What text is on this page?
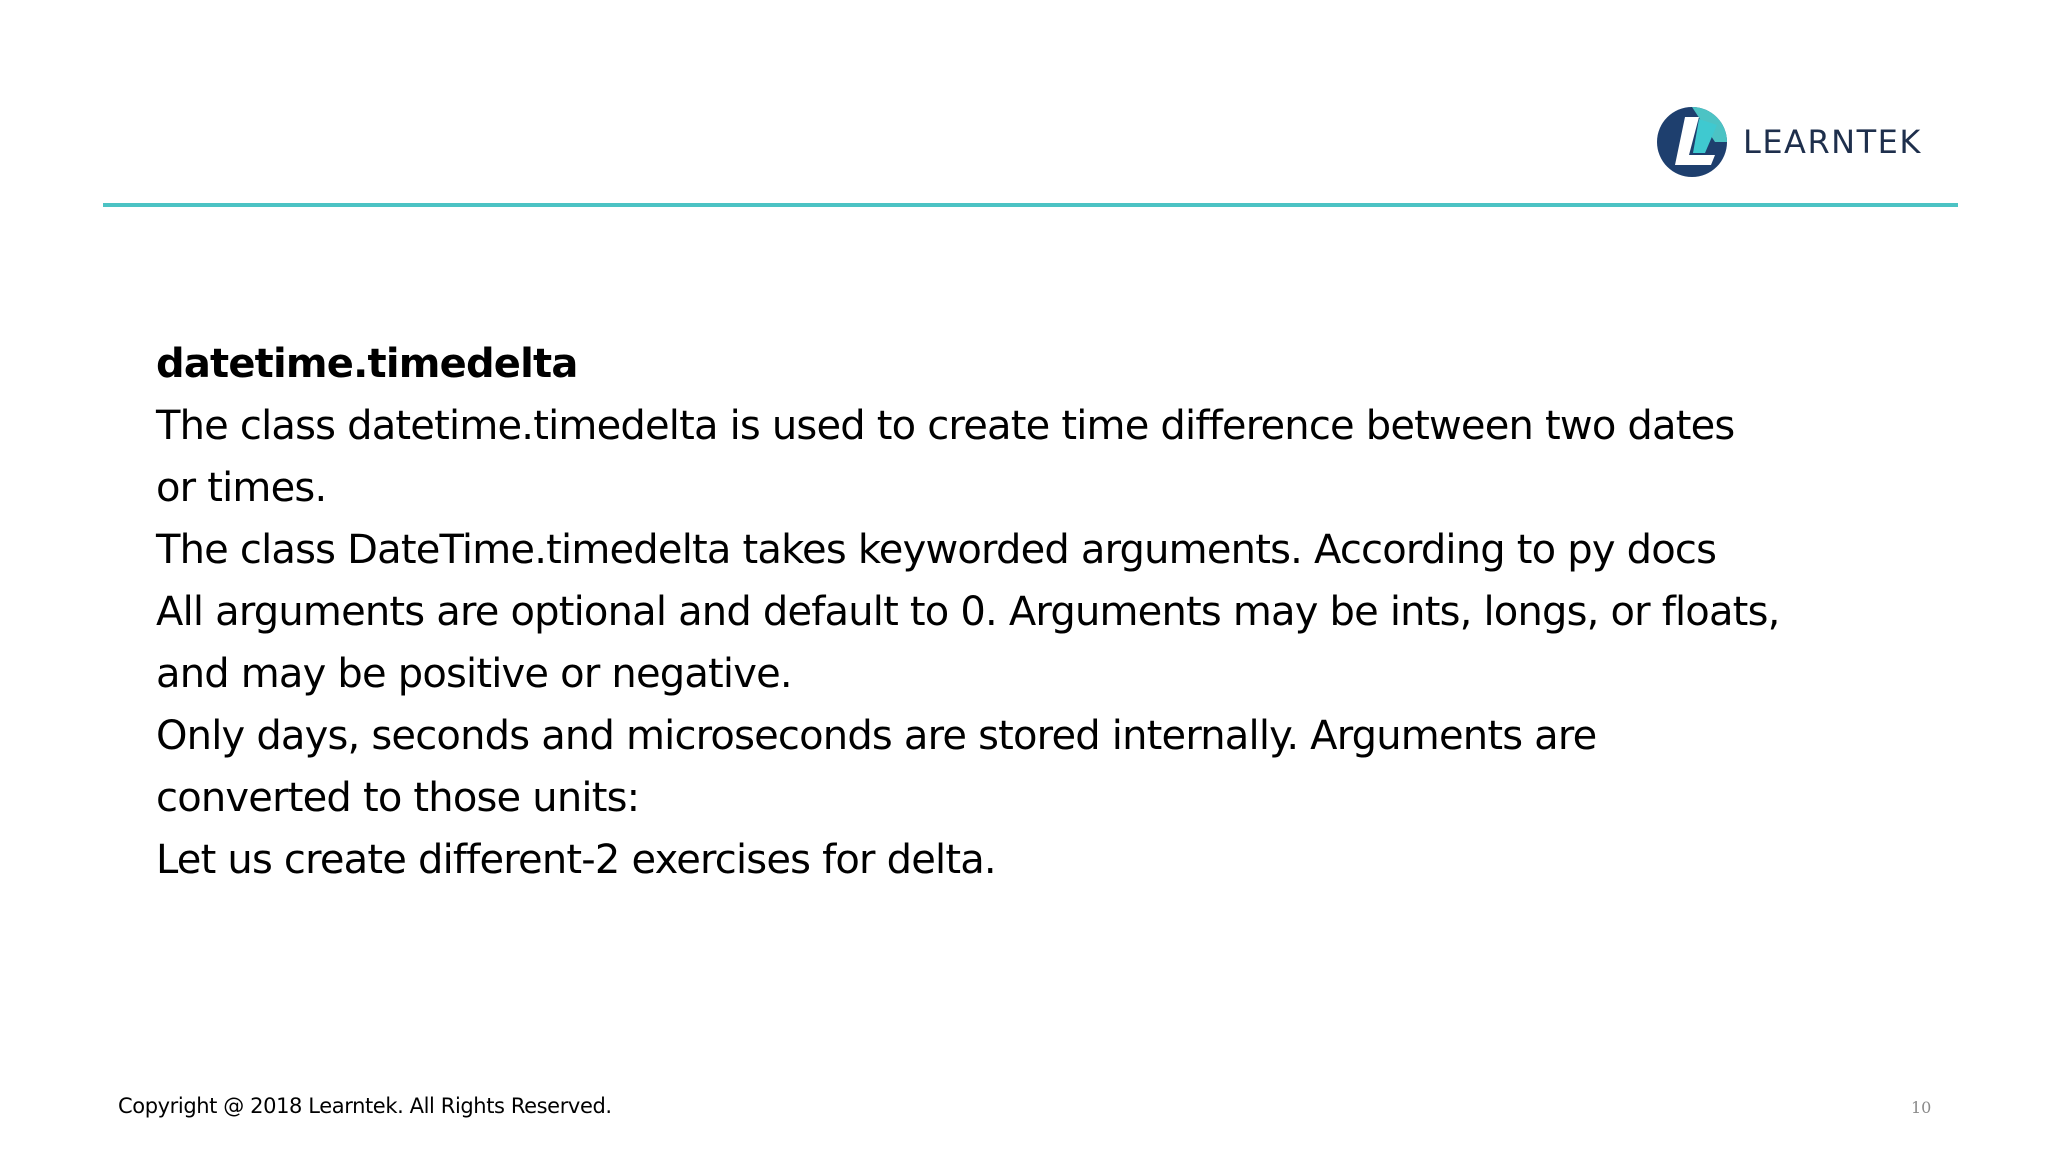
LEARNTEK

datetime.timedelta

The class datetime.timedelta is used to create time difference between two dates

or times.

The class DateTime.timedelta takes keyworded arguments. According to py docs

All arguments are optional and default to 0. Arguments may be ints, longs, or floats,

and may be positive or negative.

Only days, seconds and microseconds are stored internally. Arguments are

converted to those units:

Let us create different-2 exercises for delta.

Copyright @ 2018 Learntek. All Rights Reserved.	10
